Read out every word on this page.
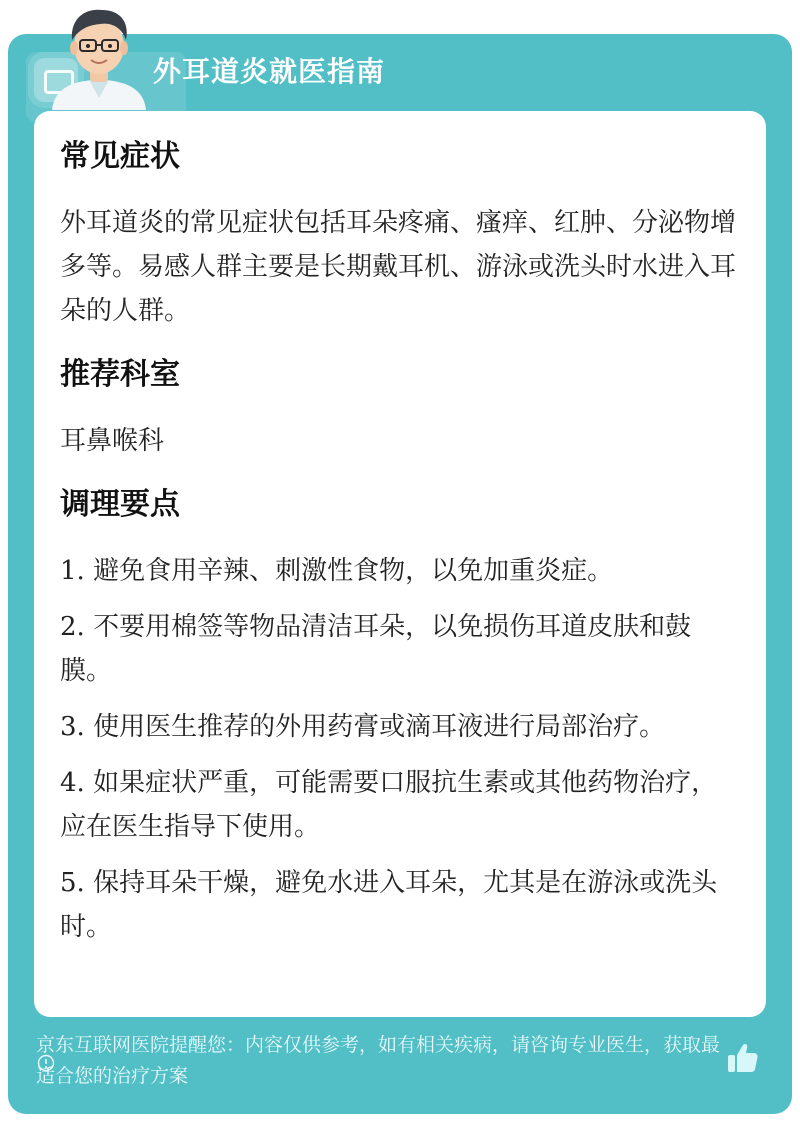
外耳道炎就医指南
常见症状

外耳道炎的常见症状包括耳朵疼痛、瘙痒、红肿、分泌物增多等。易感人群主要是长期戴耳机、游泳或洗头时水进入耳朵的人群。

推荐科室

耳鼻喉科

调理要点

1. 避免食用辛辣、刺激性食物，以免加重炎症。

2. 不要用棉签等物品清洁耳朵，以免损伤耳道皮肤和鼓膜。

3. 使用医生推荐的外用药膏或滴耳液进行局部治疗。

4. 如果症状严重，可能需要口服抗生素或其他药物治疗，应在医生指导下使用。

5. 保持耳朵干燥，避免水进入耳朵，尤其是在游泳或洗头时。

京东互联网医院提醒您：内容仅供参考，如有相关疾病，请咨询专业医生，获取最适合您的治疗方案
